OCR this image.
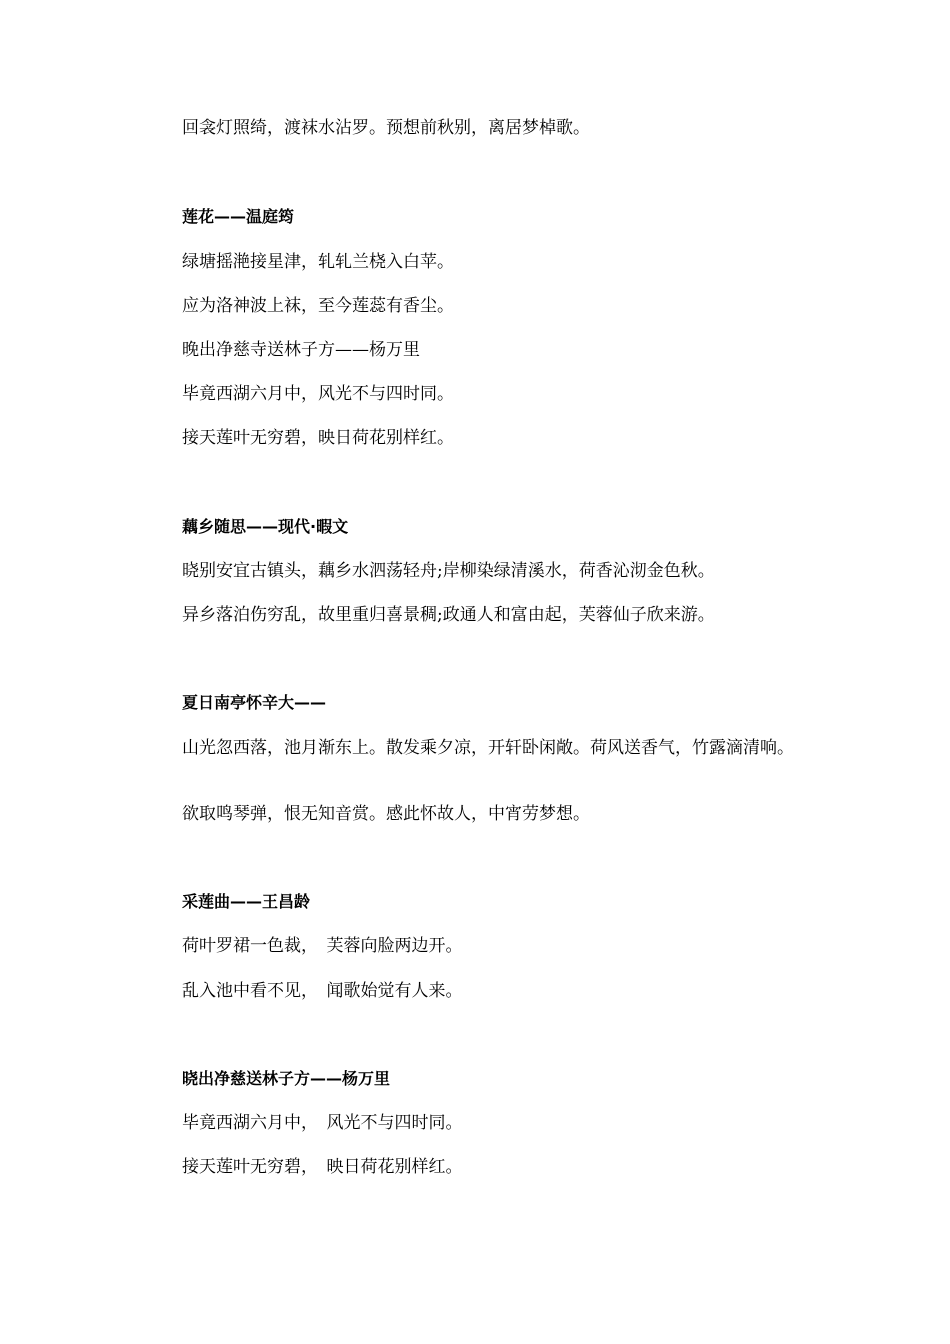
回衾灯照绮，渡袜水沾罗。预想前秋别，离居梦棹歌。

莲花——温庭筠

绿塘摇滟接星津，轧轧兰桡入白苹。

应为洛神波上袜，至今莲蕊有香尘。

晚出净慈寺送林子方——杨万里

毕竟西湖六月中，风光不与四时同。

接天莲叶无穷碧，映日荷花别样红。

藕乡随思——现代·暇文

晓别安宜古镇头，藕乡水泗荡轻舟;岸柳染绿清溪水，荷香沁沏金色秋。

异乡落泊伤穷乱，故里重归喜景稠;政通人和富由起，芙蓉仙子欣来游。

夏日南亭怀辛大——

山光忽西落，池月渐东上。散发乘夕凉，开轩卧闲敞。荷风送香气，竹露滴清响。

欲取鸣琴弹，恨无知音赏。感此怀故人，中宵劳梦想。

采莲曲——王昌龄

荷叶罗裙一色裁，　芙蓉向脸两边开。

乱入池中看不见，　闻歌始觉有人来。

晓出净慈送林子方——杨万里

毕竟西湖六月中，　风光不与四时同。

接天莲叶无穷碧，　映日荷花别样红。
